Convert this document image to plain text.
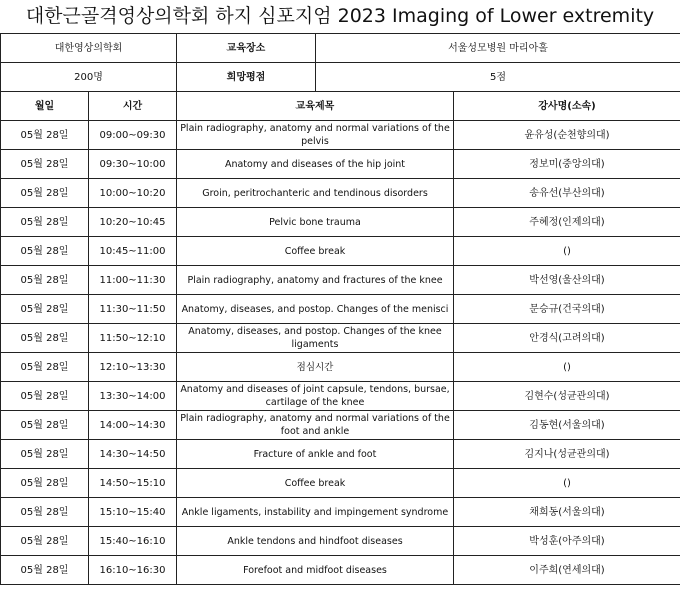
대한근골격영상의학회 하지 심포지엄 2023 Imaging of Lower extremity
대한영상의학회		교육장소	서울성모병원 마리아홀	
200명		희망평점	5점	
월일	시간	교육제목		강사명(소속)
05월 28일	09:00~09:30	Plain radiography, anatomy and normal variations of the pelvis		윤유성(순천향의대)
05월 28일	09:30~10:00	Anatomy and diseases of the hip joint		정보미(중앙의대)
05월 28일	10:00~10:20	Groin, peritrochanteric and tendinous disorders		송유선(부산의대)
05월 28일	10:20~10:45	Pelvic bone trauma		주혜정(인제의대)
05월 28일	10:45~11:00	Coffee break		()
05월 28일	11:00~11:30	Plain radiography, anatomy and fractures of the knee		박선영(울산의대)
05월 28일	11:30~11:50	Anatomy, diseases, and postop. Changes of the menisci		문승규(건국의대)
05월 28일	11:50~12:10	Anatomy, diseases, and postop. Changes of the knee ligaments		안경식(고려의대)
05월 28일	12:10~13:30	점심시간		()
05월 28일	13:30~14:00	Anatomy and diseases of joint capsule, tendons, bursae, cartilage of the knee		김현수(성균관의대)
05월 28일	14:00~14:30	Plain radiography, anatomy and normal variations of the foot and ankle		김동현(서울의대)
05월 28일	14:30~14:50	Fracture of ankle and foot		김지나(성균관의대)
05월 28일	14:50~15:10	Coffee break		()
05월 28일	15:10~15:40	Ankle ligaments, instability and impingement syndrome		채희동(서울의대)
05월 28일	15:40~16:10	Ankle tendons and hindfoot diseases		박성훈(아주의대)
05월 28일	16:10~16:30	Forefoot and midfoot diseases		이주희(연세의대)
